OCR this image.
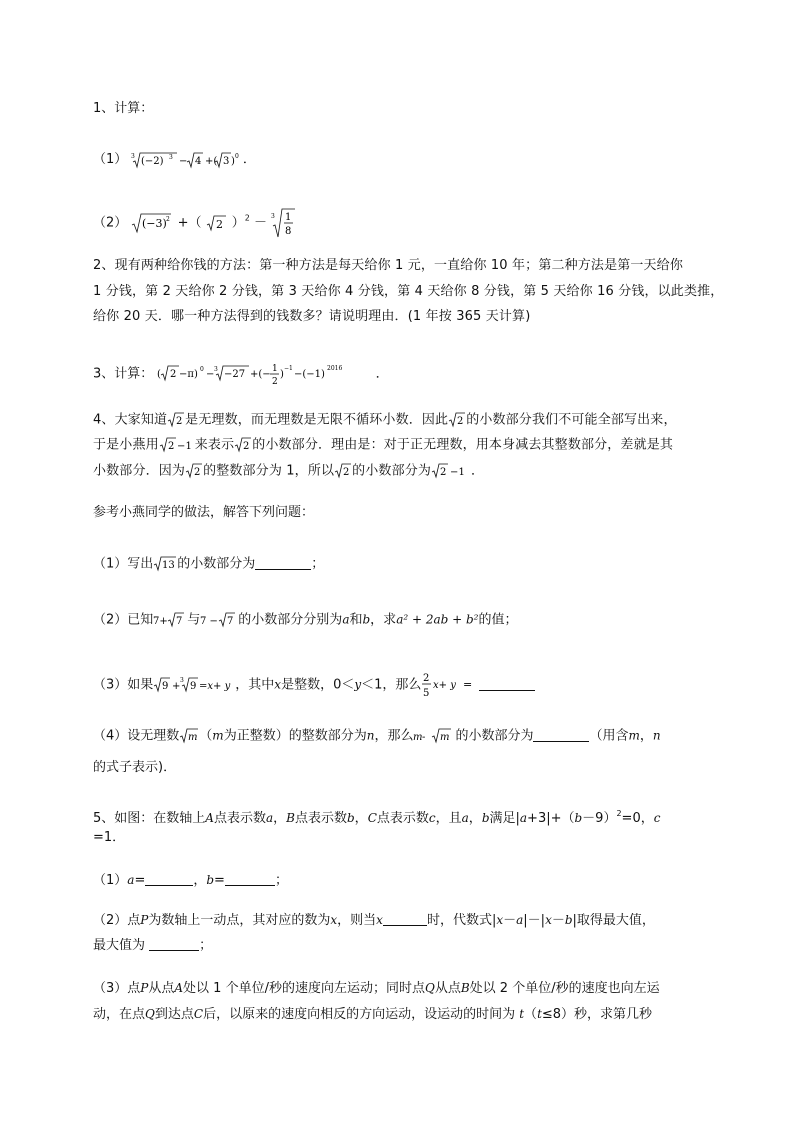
1、计算：
（1） 3 (−2) 3 − 4 +( 3 ) 0 ．
（2） (−3) 2 +（ 2 ）$^2$ － 3 1
8
2、现有两种给你钱的方法：第一种方法是每天给你 1 元，一直给你 10 年；第二种方法是第一天给你
1 分钱，第 2 天给你 2 分钱，第 3 天给你 4 分钱，第 4 天给你 8 分钱，第 5 天给你 16 分钱，以此类推，
给你 20 天．哪一种方法得到的钱数多？请说明理由．(1 年按 365 天计算)
3、计算： ( 2 −π) 0 − 3 −27 +(− 1
2
)
−1
−(−1)
2016	．
4、大家知道 2 是无理数，而无理数是无限不循环小数．因此 2 的小数部分我们不可能全部写出来，
于是小燕用 2 −1 来表示 2 的小数部分．理由是：对于正无理数，用本身减去其整数部分，差就是其
小数部分．因为 2 的整数部分为 1，所以 2 的小数部分为 2 −1 ．
参考小燕同学的做法，解答下列问题：
（1）写出 13 的小数部分为	；
（2）已知 7+ 7 与 7 − 7 的小数部分分别为a和b，求a² + 2ab + b²的值；
（3）如果 9 +
3
9 =x+ y ，其中x是整数，0＜y＜1，那么 2
5
x+ y =
（4）设无理数 m （m为正整数）的整数部分为n，那么 m - m 的小数部分为	（用含m，n
的式子表示)．
5、如图：在数轴上A点表示数a，B点表示数b，C点表示数c，且a，b满足$|a+3|+(b-9)^2=0$，c
=1．
（1）a=	，b=	；
（2）点P为数轴上一动点，其对应的数为x，则当x	时，代数式|x－a|－|x－b|取得最大值，
最大值为	；
（3）点P从点A处以 1 个单位/秒的速度向左运动；同时点Q从点B处以 2 个单位/秒的速度也向左运
动，在点Q到达点C后，以原来的速度向相反的方向运动，设运动的时间为 t（t≤8）秒，求第几秒
